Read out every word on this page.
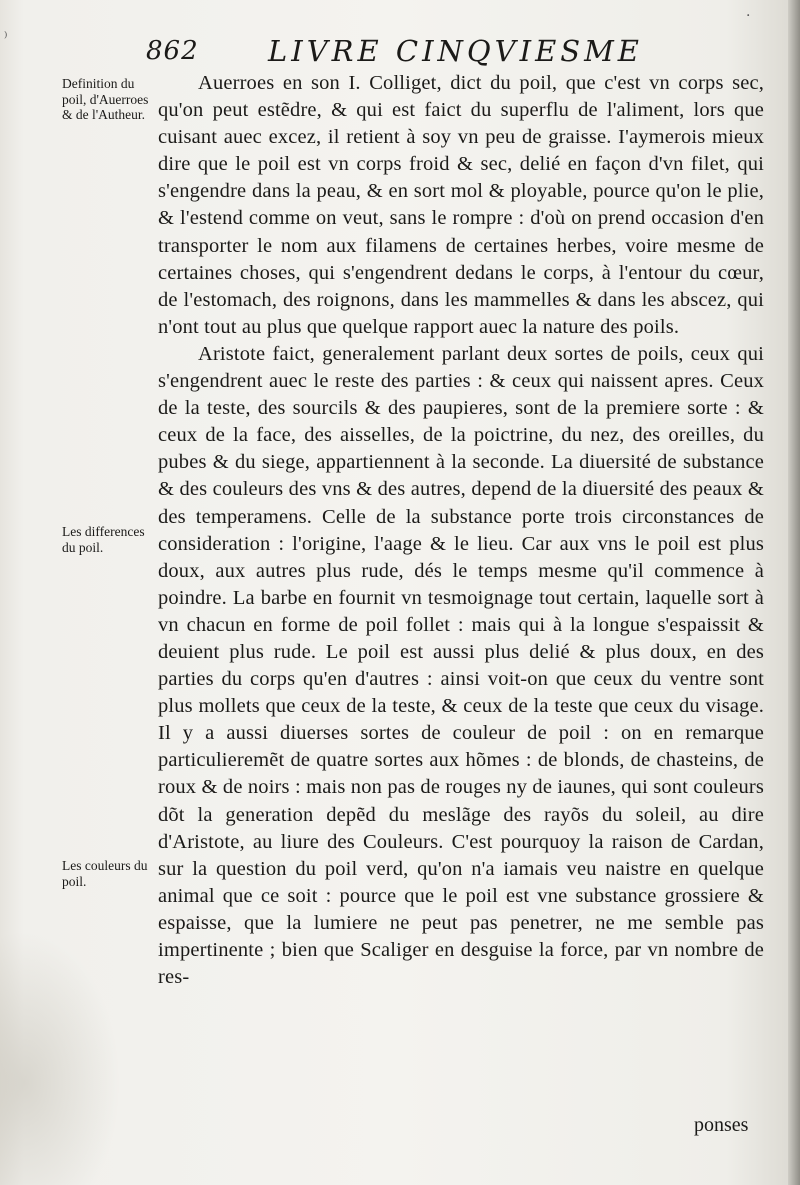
862 LIVRE CINQVIESME
Definition du poil, d'Auerroes & de l'Autheur.
Les differences du poil.
Les couleurs du poil.

Auerroes en son I. Colliget, dict du poil, que c'est vn corps sec, qu'on peut estẽdre, & qui est faict du superflu de l'aliment, lors que cuisant auec excez, il retient à soy vn peu de graisse. I'aymerois mieux dire que le poil est vn corps froid & sec, delié en façon d'vn filet, qui s'engendre dans la peau, & en sort mol & ployable, pource qu'on le plie, & l'estend comme on veut, sans le rompre : d'où on prend occasion d'en transporter le nom aux filamens de certaines herbes, voire mesme de certaines choses, qui s'engendrent dedans le corps, à l'entour du cœur, de l'estomach, des roignons, dans les mammelles & dans les abscez, qui n'ont tout au plus que quelque rapport auec la nature des poils.

Aristote faict, generalement parlant deux sortes de poils, ceux qui s'engendrent auec le reste des parties : & ceux qui naissent apres. Ceux de la teste, des sourcils & des paupieres, sont de la premiere sorte : & ceux de la face, des aisselles, de la poictrine, du nez, des oreilles, du pubes & du siege, appartiennent à la seconde. La diuersité de substance & des couleurs des vns & des autres, depend de la diuersité des peaux & des temperamens. Celle de la substance porte trois circonstances de consideration : l'origine, l'aage & le lieu. Car aux vns le poil est plus doux, aux autres plus rude, dés le temps mesme qu'il commence à poindre. La barbe en fournit vn tesmoignage tout certain, laquelle sort à vn chacun en forme de poil follet : mais qui à la longue s'espaissit & deuient plus rude. Le poil est aussi plus delié & plus doux, en des parties du corps qu'en d'autres : ainsi voit-on que ceux du ventre sont plus mollets que ceux de la teste, & ceux de la teste que ceux du visage. Il y a aussi diuerses sortes de couleur de poil : on en remarque particulieremẽt de quatre sortes aux hõmes : de blonds, de chasteins, de roux & de noirs : mais non pas de rouges ny de iaunes, qui sont couleurs dõt la generation depẽd du meslãge des rayõs du soleil, au dire d'Aristote, au liure des Couleurs. C'est pourquoy la raison de Cardan, sur la question du poil verd, qu'on n'a iamais veu naistre en quelque animal que ce soit : pource que le poil est vne substance grossiere & espaisse, que la lumiere ne peut pas penetrer, ne me semble pas impertinente ; bien que Scaliger en desguise la force, par vn nombre de res-

ponses
⁾
·
